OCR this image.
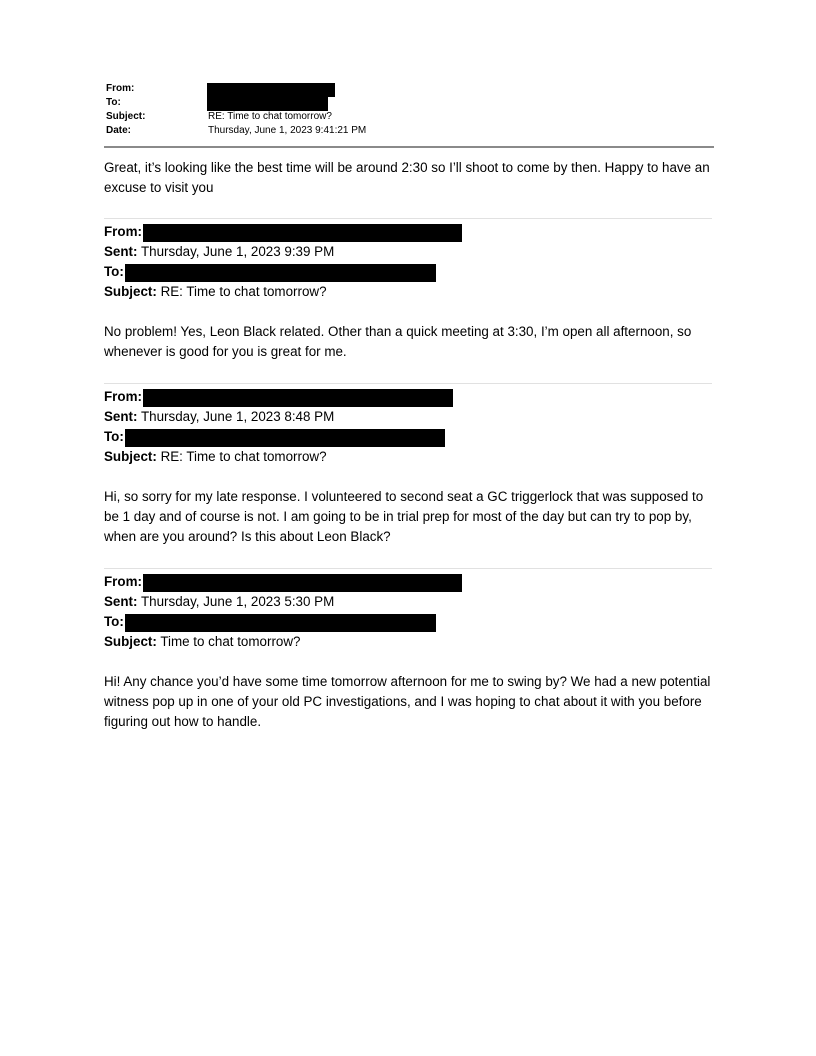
From:
To:
Subject:	RE: Time to chat tomorrow?
Date:	Thursday, June 1, 2023 9:41:21 PM
Great, it’s looking like the best time will be around 2:30 so I’ll shoot to come by then. Happy to have an excuse to visit you
From:
Sent: Thursday, June 1, 2023 9:39 PM
To:
Subject: RE: Time to chat tomorrow?
No problem! Yes, Leon Black related. Other than a quick meeting at 3:30, I’m open all afternoon, so whenever is good for you is great for me.
From:
Sent: Thursday, June 1, 2023 8:48 PM
To:
Subject: RE: Time to chat tomorrow?
Hi, so sorry for my late response. I volunteered to second seat a GC triggerlock that was supposed to be 1 day and of course is not. I am going to be in trial prep for most of the day but can try to pop by, when are you around? Is this about Leon Black?
From:
Sent: Thursday, June 1, 2023 5:30 PM
To:
Subject: Time to chat tomorrow?
Hi! Any chance you’d have some time tomorrow afternoon for me to swing by? We had a new potential witness pop up in one of your old PC investigations, and I was hoping to chat about it with you before figuring out how to handle.
